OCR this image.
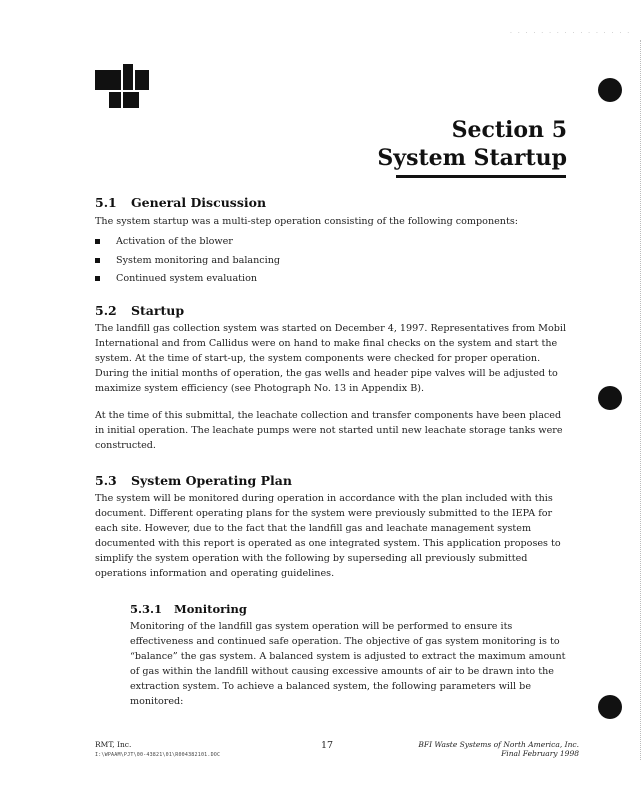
· · · · · · · · · · · · · · · ·
Section 5
System Startup
5.1 General Discussion

The system startup was a multi-step operation consisting of the following components:

Activation of the blower
System monitoring and balancing
Continued system evaluation
5.2 Startup

The landfill gas collection system was started on December 4, 1997. Representatives from Mobil International and from Callidus were on hand to make final checks on the system and start the system. At the time of start-up, the system components were checked for proper operation. During the initial months of operation, the gas wells and header pipe valves will be adjusted to maximize system efficiency (see Photograph No. 13 in Appendix B).

At the time of this submittal, the leachate collection and transfer components have been placed in initial operation. The leachate pumps were not started until new leachate storage tanks were constructed.

5.3 System Operating Plan

The system will be monitored during operation in accordance with the plan included with this document. Different operating plans for the system were previously submitted to the IEPA for each site. However, due to the fact that the landfill gas and leachate management system documented with this report is operated as one integrated system. This application proposes to simplify the system operation with the following by superseding all previously submitted operations information and operating guidelines.

5.3.1 Monitoring

Monitoring of the landfill gas system operation will be performed to ensure its effectiveness and continued safe operation. The objective of gas system monitoring is to “balance” the gas system. A balanced system is adjusted to extract the maximum amount of gas within the landfill without causing excessive amounts of air to be drawn into the extraction system. To achieve a balanced system, the following parameters will be monitored:

RMT, Inc.
I:\WPAAM\PJT\00-43821\01\R004382101.DOC
17	BFI Waste Systems of North America, Inc.
Final February 1998
